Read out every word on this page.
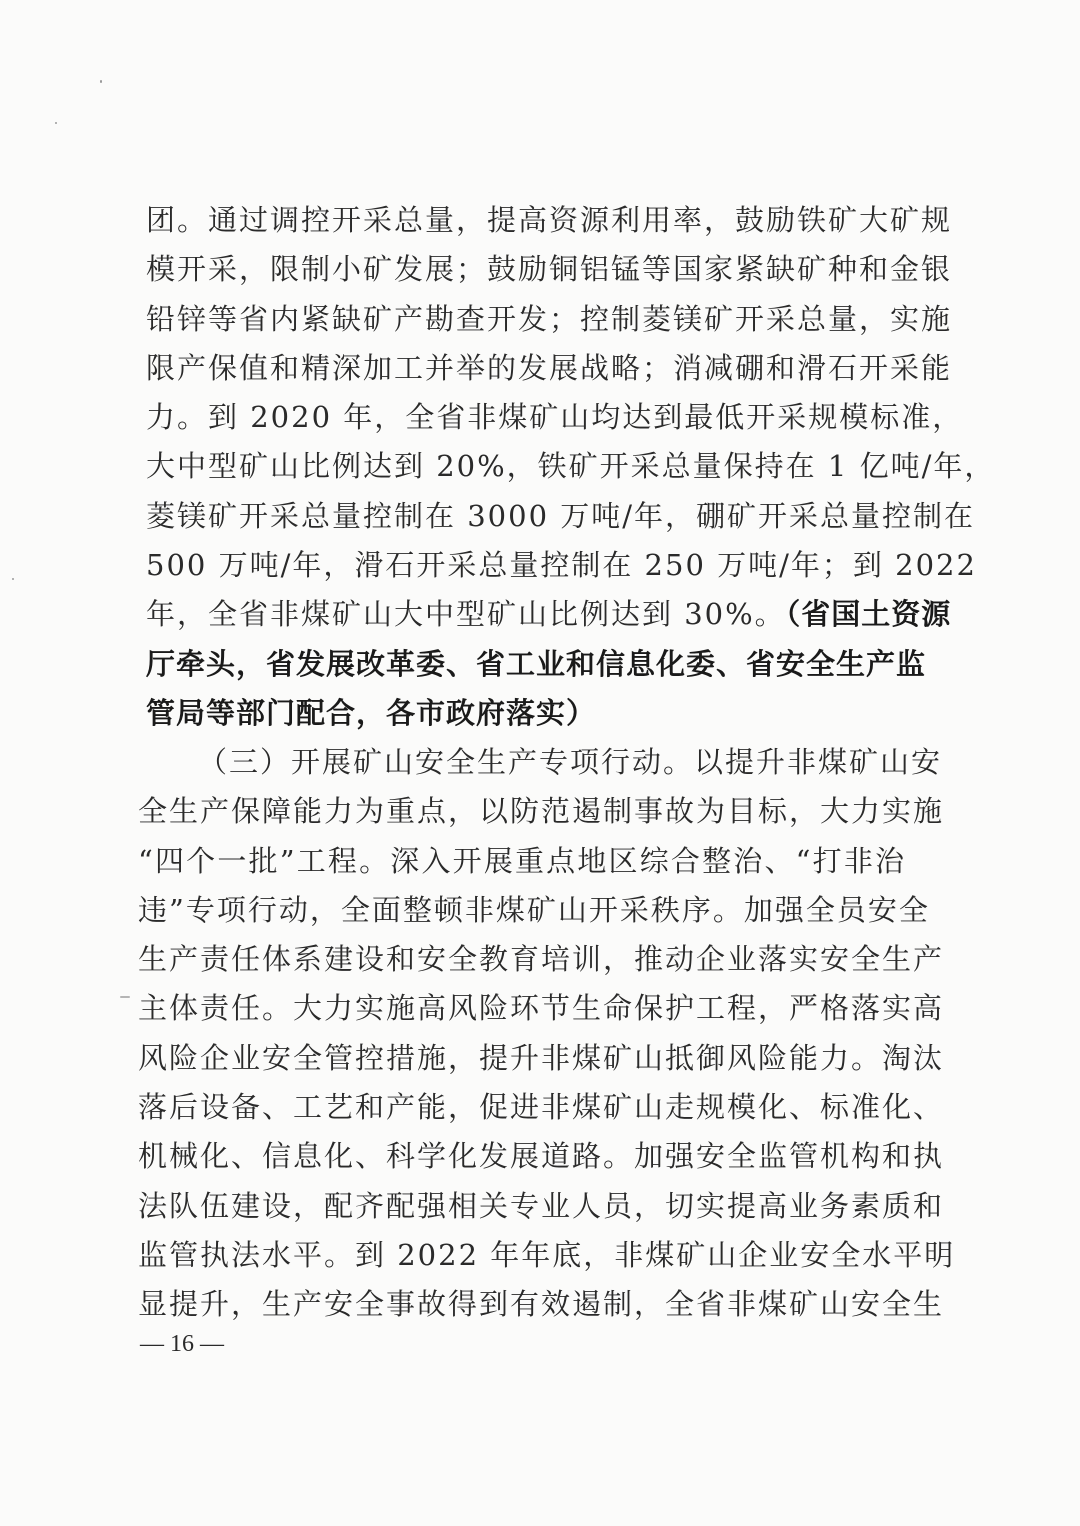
团。通过调控开采总量，提高资源利用率，鼓励铁矿大矿规
模开采，限制小矿发展；鼓励铜铝锰等国家紧缺矿种和金银
铅锌等省内紧缺矿产勘查开发；控制菱镁矿开采总量，实施
限产保值和精深加工并举的发展战略；消减硼和滑石开采能
力。到 2020 年，全省非煤矿山均达到最低开采规模标准，
大中型矿山比例达到 20%，铁矿开采总量保持在 1 亿吨/年，
菱镁矿开采总量控制在 3000 万吨/年，硼矿开采总量控制在
500 万吨/年，滑石开采总量控制在 250 万吨/年；到 2022
年，全省非煤矿山大中型矿山比例达到 30%。（省国土资源
厅牵头，省发展改革委、省工业和信息化委、省安全生产监
管局等部门配合，各市政府落实）
（三）开展矿山安全生产专项行动。以提升非煤矿山安
全生产保障能力为重点，以防范遏制事故为目标，大力实施
“四个一批”工程。深入开展重点地区综合整治、“打非治
违”专项行动，全面整顿非煤矿山开采秩序。加强全员安全
生产责任体系建设和安全教育培训，推动企业落实安全生产
主体责任。大力实施高风险环节生命保护工程，严格落实高
风险企业安全管控措施，提升非煤矿山抵御风险能力。淘汰
落后设备、工艺和产能，促进非煤矿山走规模化、标准化、
机械化、信息化、科学化发展道路。加强安全监管机构和执
法队伍建设，配齐配强相关专业人员，切实提高业务素质和
监管执法水平。到 2022 年年底，非煤矿山企业安全水平明
显提升，生产安全事故得到有效遏制，全省非煤矿山安全生
— 16 —
